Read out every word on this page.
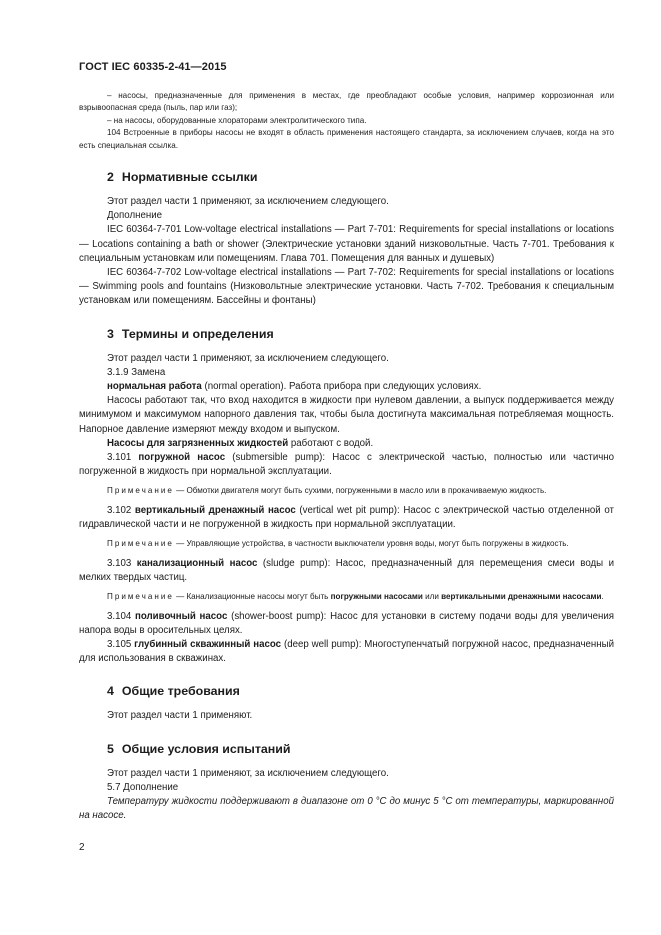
ГОСТ IEC 60335-2-41—2015

– насосы, предназначенные для применения в местах, где преобладают особые условия, например коррозионная или взрывоопасная среда (пыль, пар или газ);

– на насосы, оборудованные хлораторами электролитического типа.

104 Встроенные в приборы насосы не входят в область применения настоящего стандарта, за исключением случаев, когда на это есть специальная ссылка.

2 Нормативные ссылки

Этот раздел части 1 применяют, за исключением следующего.

Дополнение

IEC 60364-7-701 Low-voltage electrical installations — Part 7-701: Requirements for special installations or locations — Locations containing a bath or shower (Электрические установки зданий низковольтные. Часть 7-701. Требования к специальным установкам или помещениям. Глава 701. Помещения для ванных и душевых)

IEC 60364-7-702 Low-voltage electrical installations — Part 7-702: Requirements for special installations or locations — Swimming pools and fountains (Низковольтные электрические установки. Часть 7-702. Требования к специальным установкам или помещениям. Бассейны и фонтаны)

3 Термины и определения

Этот раздел части 1 применяют, за исключением следующего.

3.1.9 Замена

нормальная работа (normal operation). Работа прибора при следующих условиях.

Насосы работают так, что вход находится в жидкости при нулевом давлении, а выпуск поддерживается между минимумом и максимумом напорного давления так, чтобы была достигнута максимальная потребляемая мощность. Напорное давление измеряют между входом и выпуском.

Насосы для загрязненных жидкостей работают с водой.

3.101 погружной насос (submersible pump): Насос с электрической частью, полностью или частично погруженной в жидкость при нормальной эксплуатации.

Примечание — Обмотки двигателя могут быть сухими, погруженными в масло или в прокачиваемую жидкость.

3.102 вертикальный дренажный насос (vertical wet pit pump): Насос с электрической частью отделенной от гидравлической части и не погруженной в жидкость при нормальной эксплуатации.

Примечание — Управляющие устройства, в частности выключатели уровня воды, могут быть погружены в жидкость.

3.103 канализационный насос (sludge pump): Насос, предназначенный для перемещения смеси воды и мелких твердых частиц.

Примечание — Канализационные насосы могут быть погружными насосами или вертикальными дренажными насосами.

3.104 поливочный насос (shower-boost pump): Насос для установки в систему подачи воды для увеличения напора воды в оросительных целях.

3.105 глубинный скважинный насос (deep well pump): Многоступенчатый погружной насос, предназначенный для использования в скважинах.

4 Общие требования

Этот раздел части 1 применяют.

5 Общие условия испытаний

Этот раздел части 1 применяют, за исключением следующего.

5.7 Дополнение

Температуру жидкости поддерживают в диапазоне от 0 °C до минус 5 °C от температуры, маркированной на насосе.

2
